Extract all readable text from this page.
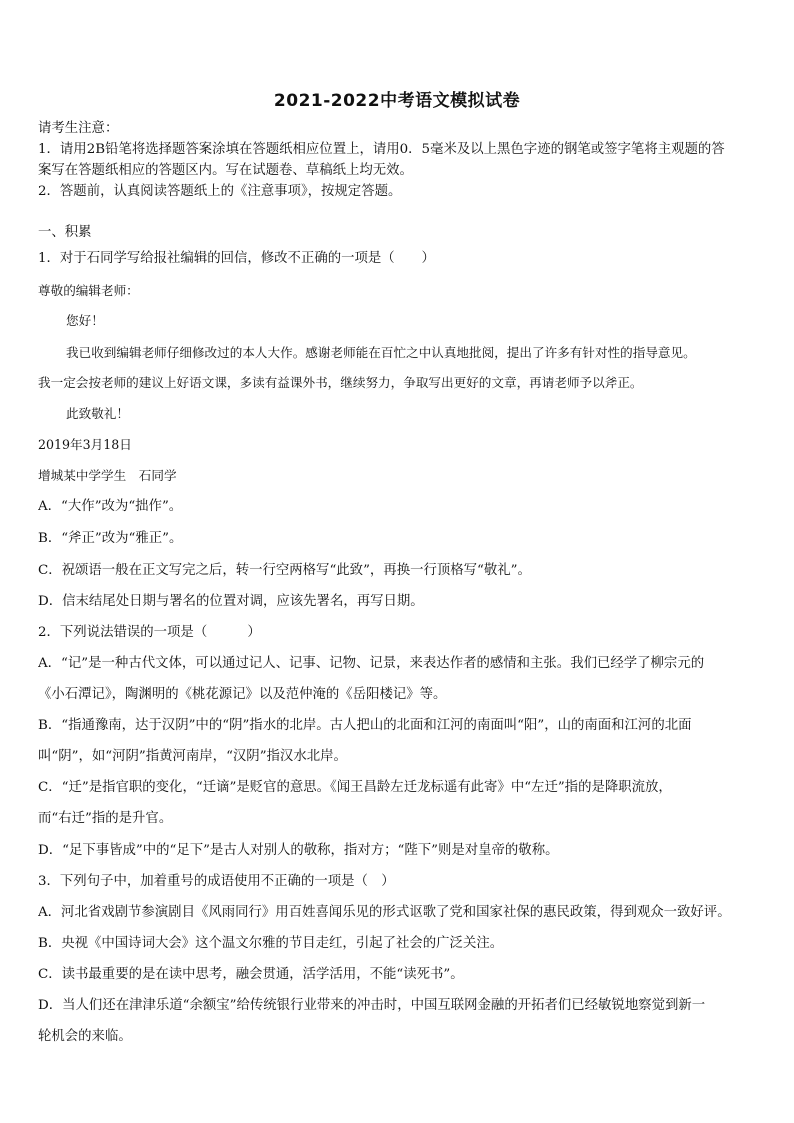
2021-2022中考语文模拟试卷
请考生注意：
1．请用2B铅笔将选择题答案涂填在答题纸相应位置上，请用0．5毫米及以上黑色字迹的钢笔或签字笔将主观题的答
案写在答题纸相应的答题区内。写在试题卷、草稿纸上均无效。
2．答题前，认真阅读答题纸上的《注意事项》，按规定答题。
一、积累
1．对于石同学写给报社编辑的回信，修改不正确的一项是（　　）
尊敬的编辑老师：
您好！
我已收到编辑老师仔细修改过的本人大作。感谢老师能在百忙之中认真地批阅，提出了许多有针对性的指导意见。
我一定会按老师的建议上好语文课，多读有益课外书，继续努力，争取写出更好的文章，再请老师予以斧正。
此致敬礼！
2019年3月18日
增城某中学学生　石同学
A．“大作”改为“拙作”。
B．“斧正”改为“雅正”。
C．祝颂语一般在正文写完之后，转一行空两格写“此致”，再换一行顶格写“敬礼”。
D．信末结尾处日期与署名的位置对调，应该先署名，再写日期。
2．下列说法错误的一项是（　　　）
A．“记”是一种古代文体，可以通过记人、记事、记物、记景，来表达作者的感情和主张。我们已经学了柳宗元的
《小石潭记》，陶渊明的《桃花源记》以及范仲淹的《岳阳楼记》等。
B．“指通豫南，达于汉阴”中的“阴”指水的北岸。古人把山的北面和江河的南面叫“阳”，山的南面和江河的北面
叫“阴”，如“河阴”指黄河南岸，“汉阴”指汉水北岸。
C．“迁”是指官职的变化，“迁谪”是贬官的意思。《闻王昌龄左迁龙标遥有此寄》中“左迁”指的是降职流放，
而“右迁”指的是升官。
D．“足下事皆成”中的“足下”是古人对别人的敬称，指对方；“陛下”则是对皇帝的敬称。
3．下列句子中，加着重号的成语使用不正确的一项是（　）
A．河北省戏剧节参演剧目《风雨同行》用百姓喜闻乐见的形式讴歌了党和国家社保的惠民政策，得到观众一致好评。
B．央视《中国诗词大会》这个温文尔雅的节目走红，引起了社会的广泛关注。
C．读书最重要的是在读中思考，融会贯通，活学活用，不能“读死书”。
D．当人们还在津津乐道“余额宝”给传统银行业带来的冲击时，中国互联网金融的开拓者们已经敏锐地察觉到新一
轮机会的来临。
